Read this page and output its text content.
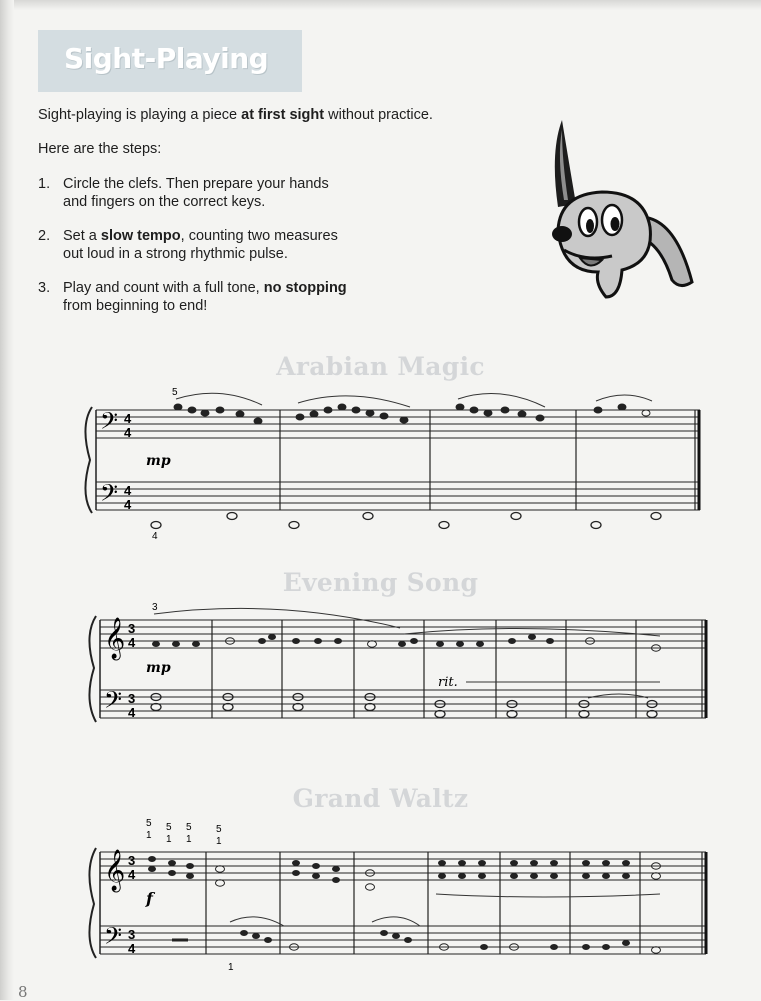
Sight-Playing
Sight-playing is playing a piece at first sight without practice.
Here are the steps:
1. Circle the clefs. Then prepare your hands
and fingers on the correct keys.
2. Set a slow tempo, counting two measures
out loud in a strong rhythmic pulse.
3. Play and count with a full tone, no stopping
from beginning to end!
Arabian Magic
Evening Song
Grand Waltz
𝄢
𝄢
4
4
4
4
mp
5
4
𝄞
𝄢
3
4
3
4
mp
rit.
3
𝄞
𝄢
3
4
3
4
f
5
1
5
1
5
1
5
1
1
8
